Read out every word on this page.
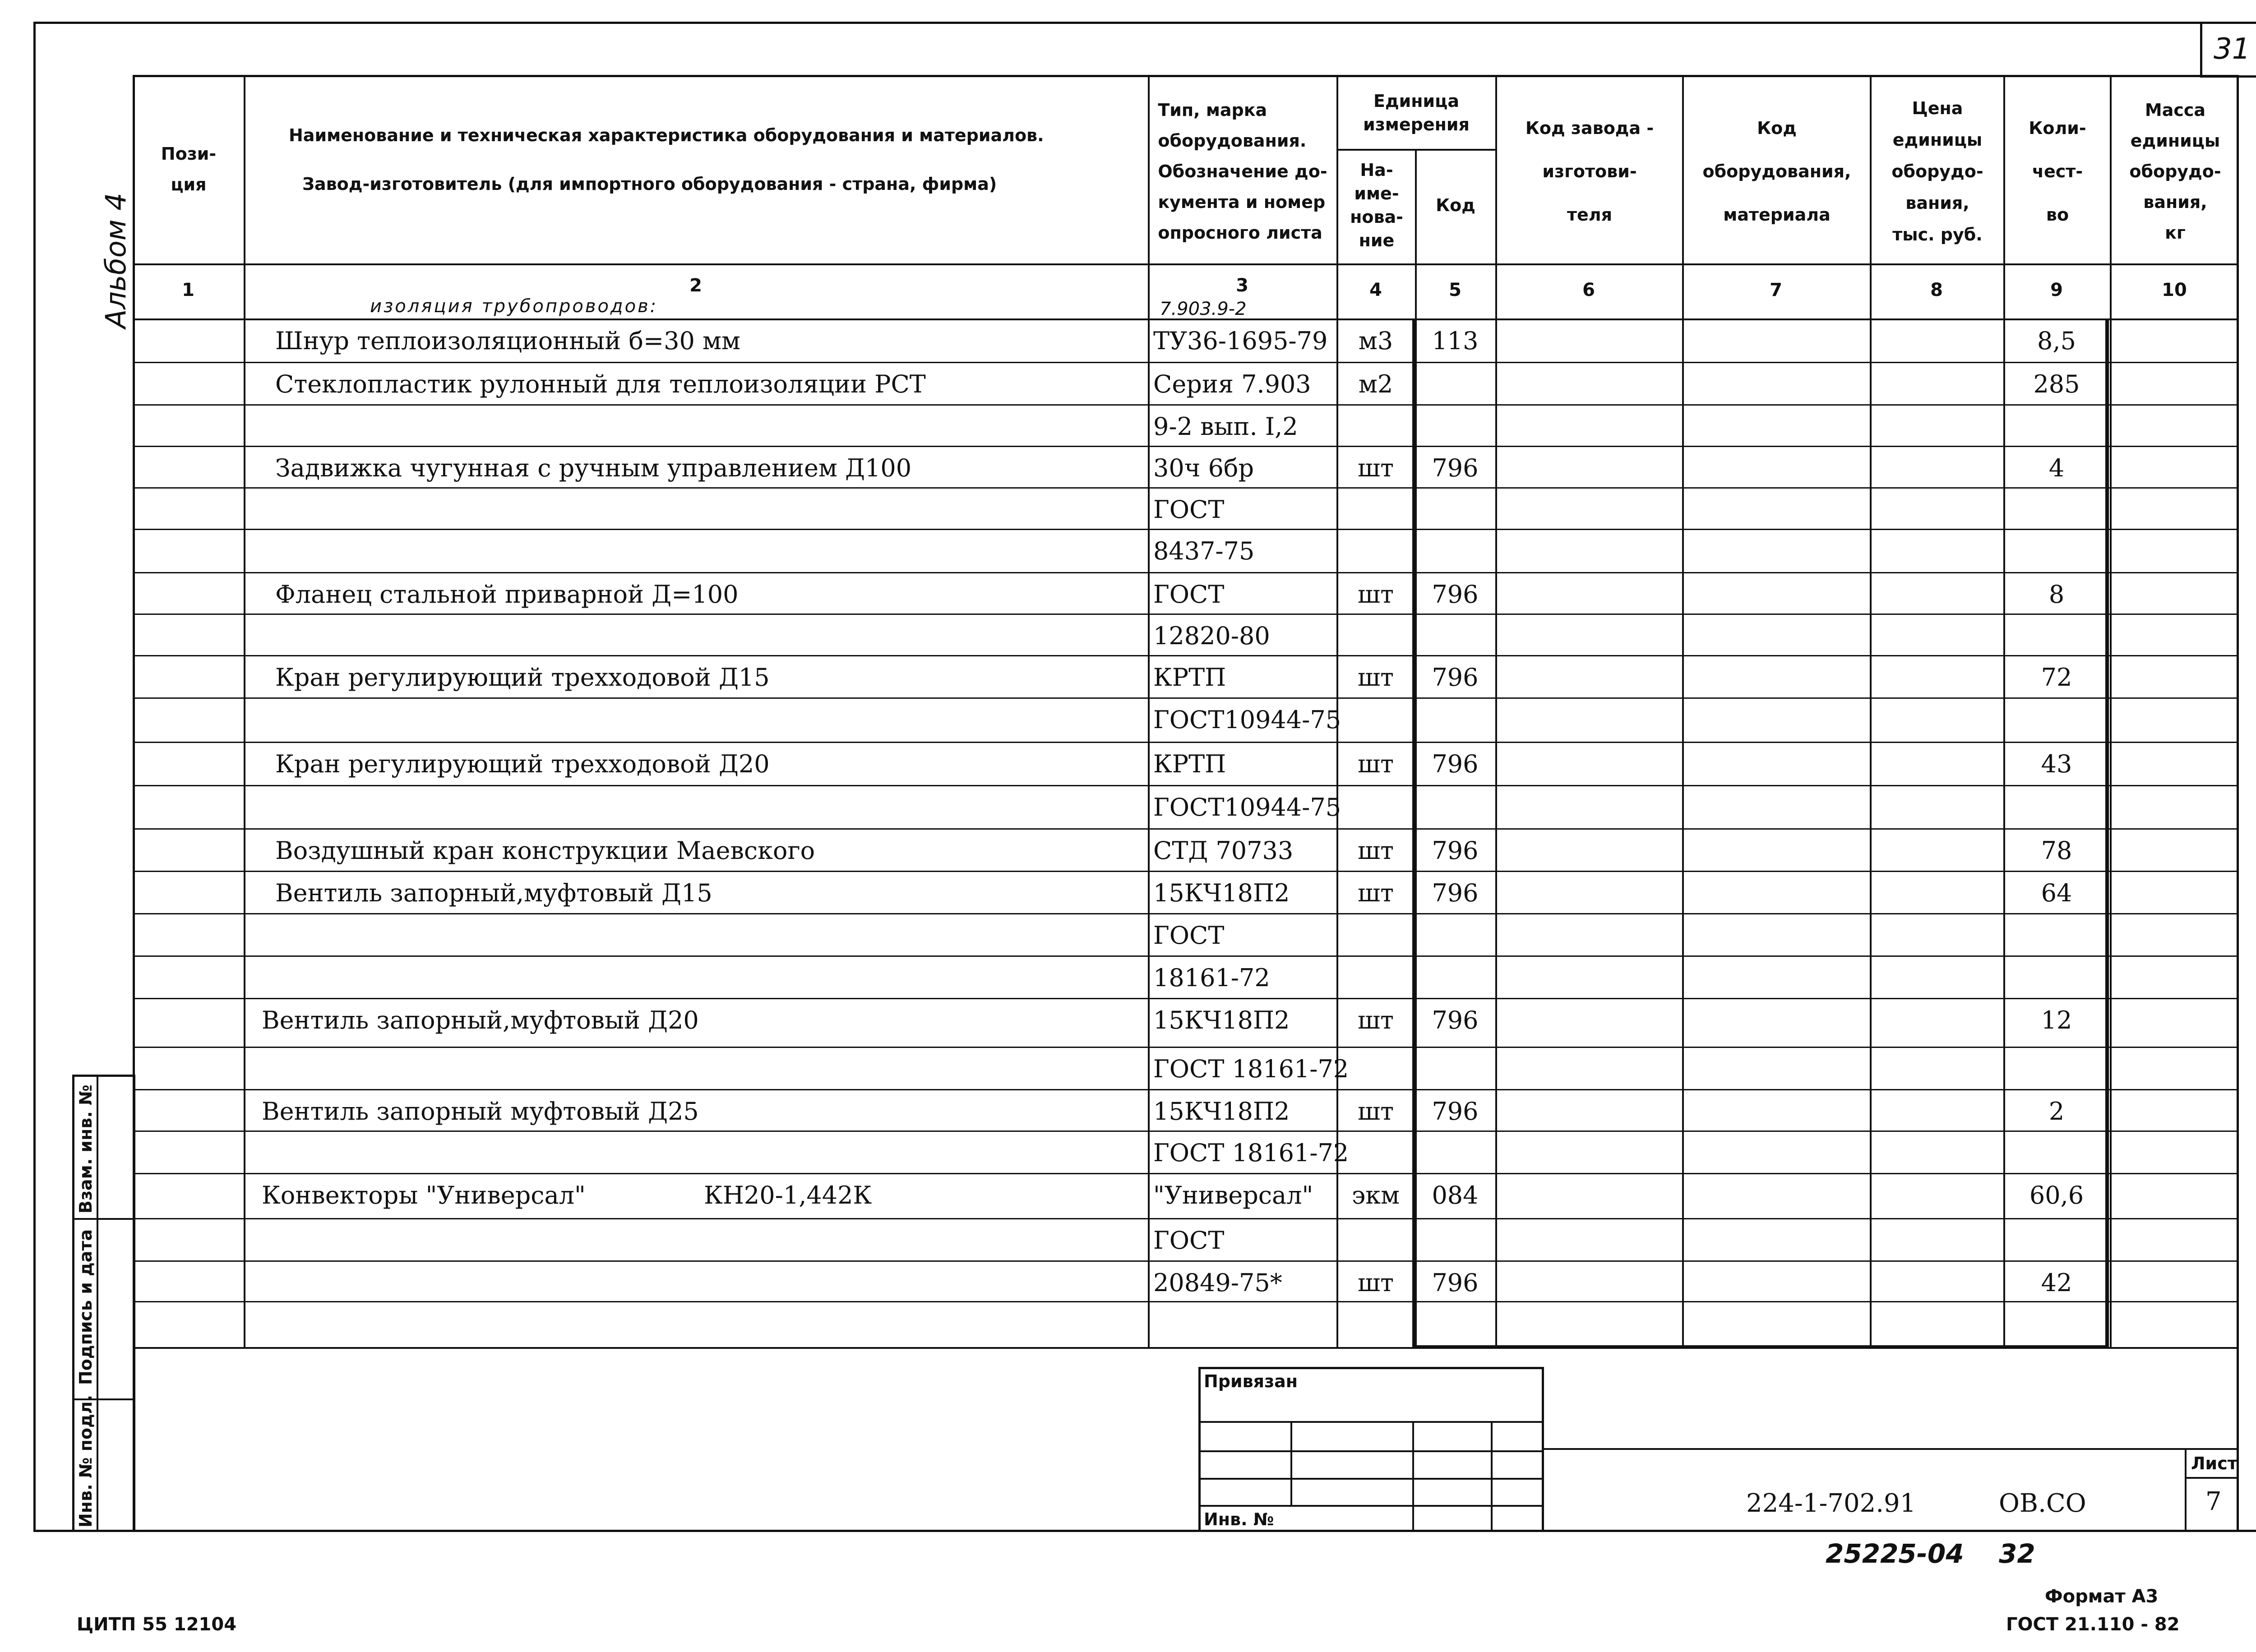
31
Альбом 4
Взам. инв. №
Подпись и дата
Инв. № подл.
Пози-
ция
Наименование и техническая характеристика оборудования и материалов.
Завод-изготовитель (для импортного оборудования - страна, фирма)
Тип, марка
оборудования.
Обозначение до-
кумента и номер
опросного листа
Единица
измерения
На-
име-
нова-
ние
Код
Код завода -
изготови-
теля
Код
оборудования,
материала
Цена
единицы
оборудо-
вания,
тыс. руб.
Коли-
чест-
во
Масса
единицы
оборудо-
вания,
кг
1	2	3	4	5	6	7	8	9	10
изоляция трубопроводов:	7.903.9-2
Шнур теплоизоляционный б=30 мм	ТУ36-1695-79	м3	113	8,5
Стеклопластик рулонный для теплоизоляции РСТ	Серия 7.903	м2	285
9-2 вып. I,2
Задвижка чугунная с ручным управлением Д100	30ч 6бр	шт	796	4
ГОСТ
8437-75
Фланец стальной приварной Д=100	ГОСТ	шт	796	8
12820-80
Кран регулирующий трехходовой Д15	КРТП	шт	796	72
ГОСТ10944-75
Кран регулирующий трехходовой Д20	КРТП	шт	796	43
ГОСТ10944-75
Воздушный кран конструкции Маевского	СТД 70733	шт	796	78
Вентиль запорный,муфтовый Д15	15КЧ18П2	шт	796	64
ГОСТ
18161-72
Вентиль запорный,муфтовый Д20	15КЧ18П2	шт	796	12
ГОСТ 18161-72
Вентиль запорный муфтовый Д25	15КЧ18П2	шт	796	2
ГОСТ 18161-72
Конвекторы "Универсал"	КН20-1,442К	"Универсал"	экм	084	60,6
ГОСТ
20849-75*	шт	796	42
Привязан
Инв. №
Лист
7
224-1-702.91	ОВ.СО
25225-04 32
Формат А3
ЦИТП 55 12104	ГОСТ 21.110 - 82
